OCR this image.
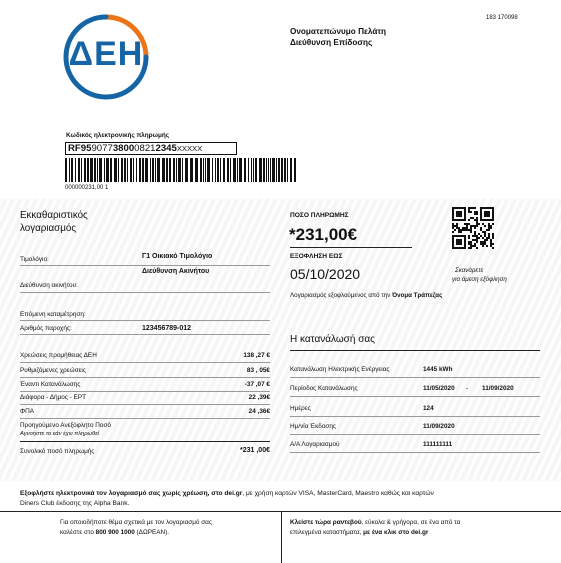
ΔΕΗ
183 170098
Ονοματεπώνυμο Πελάτη
Διεύθυνση Επίδοσης
Κωδικός ηλεκτρονικής πληρωμής
RF959077380008212345XXXXX
000000231,00 1
Εκκαθαριστικός
λογαριασμός
Τιμολόγιο:	Γ1 Οικιακό Τιμολόγιο
Διεύθυνση Ακινήτου
Διεύθυνση ακινήτου:
Επόμενη καταμέτρηση:
Αριθμός παροχής:	123456789-012
Χρεώσεις προμήθειας ΔΕΗ	138 ,27 €
Ρυθμιζόμενες χρεώσεις	83 , 05€
Έναντι Κατανάλωσης	-37 ,07 €
Διάφορα - Δήμος - ΕΡΤ	22 ,39€
ΦΠΑ	24 ,36€
Προηγούμενο Ανεξόφλητο Ποσό
Αγνοήστε το εάν έχει πληρωθεί
Συνολικό ποσό πληρωμής	*231 ,00€
ΠΟΣΟ ΠΛΗΡΩΜΗΣ
*231,00€
ΕΞΟΦΛΗΣΗ ΕΩΣ
05/10/2020
Λογαριασμός εξοφλούμενος από την Όνομα Τράπεζας
Σκανάρετε
για άμεση εξόφληση
Η κατανάλωσή σας
Κατανάλωση Ηλεκτρικής Ενέργειας	1445 kWh
Περίοδος Κατανάλωσης	11/05/2020 - 11/09/2020
Ημέρες	124
Ημ/νία Έκδοσης	11/09/2020
Α/Α Λογαριασμού	111111111
Εξοφλήστε ηλεκτρονικά τον λογαριασμό σας χωρίς χρέωση, στο dei.gr, με χρήση καρτών VISA, MasterCard, Maestro καθώς και καρτών
Diners Club έκδοσης της Alpha Bank.
Για οποιοδήποτε θέμα σχετικά με τον λογαριασμό σας
καλέστε στο 800 900 1000 (ΔΩΡΕΑΝ).
Κλείστε τώρα ραντεβού, εύκολα & γρήγορα, σε ένα από τα
επιλεγμένα καταστήματα, με ένα κλικ στο dei.gr
